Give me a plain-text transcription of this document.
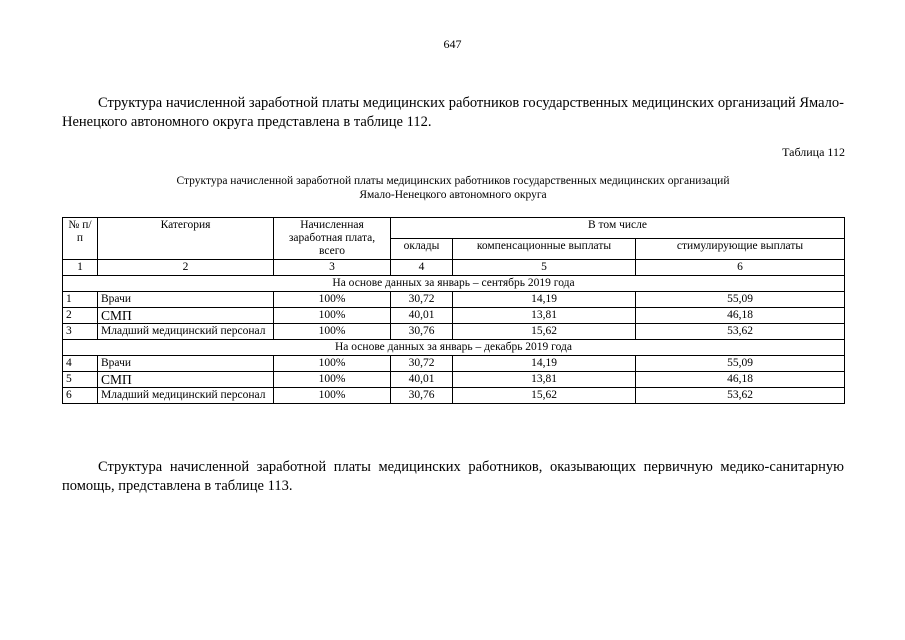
647

Структура начисленной заработной платы медицинских работников государственных медицинских организаций Ямало-Ненецкого автономного округа представлена в таблице 112.

Таблица 112
Структура начисленной заработной платы медицинских работников государственных медицинских организаций
Ямало-Ненецкого автономного округа
№ п/п	Категория	Начисленная заработная плата, всего	В том числе		
			оклады	компенсационные выплаты	стимулирующие выплаты
1	2	3	4	5	6
На основе данных за январь – сентябрь 2019 года					
1	Врачи	100%	30,72	14,19	55,09
2	СМП	100%	40,01	13,81	46,18
3	Младший медицинский персонал	100%	30,76	15,62	53,62
На основе данных за январь – декабрь 2019 года					
4	Врачи	100%	30,72	14,19	55,09
5	СМП	100%	40,01	13,81	46,18
6	Младший медицинский персонал	100%	30,76	15,62	53,62

Структура начисленной заработной платы медицинских работников, оказывающих первичную медико-санитарную помощь, представлена в таблице 113.
